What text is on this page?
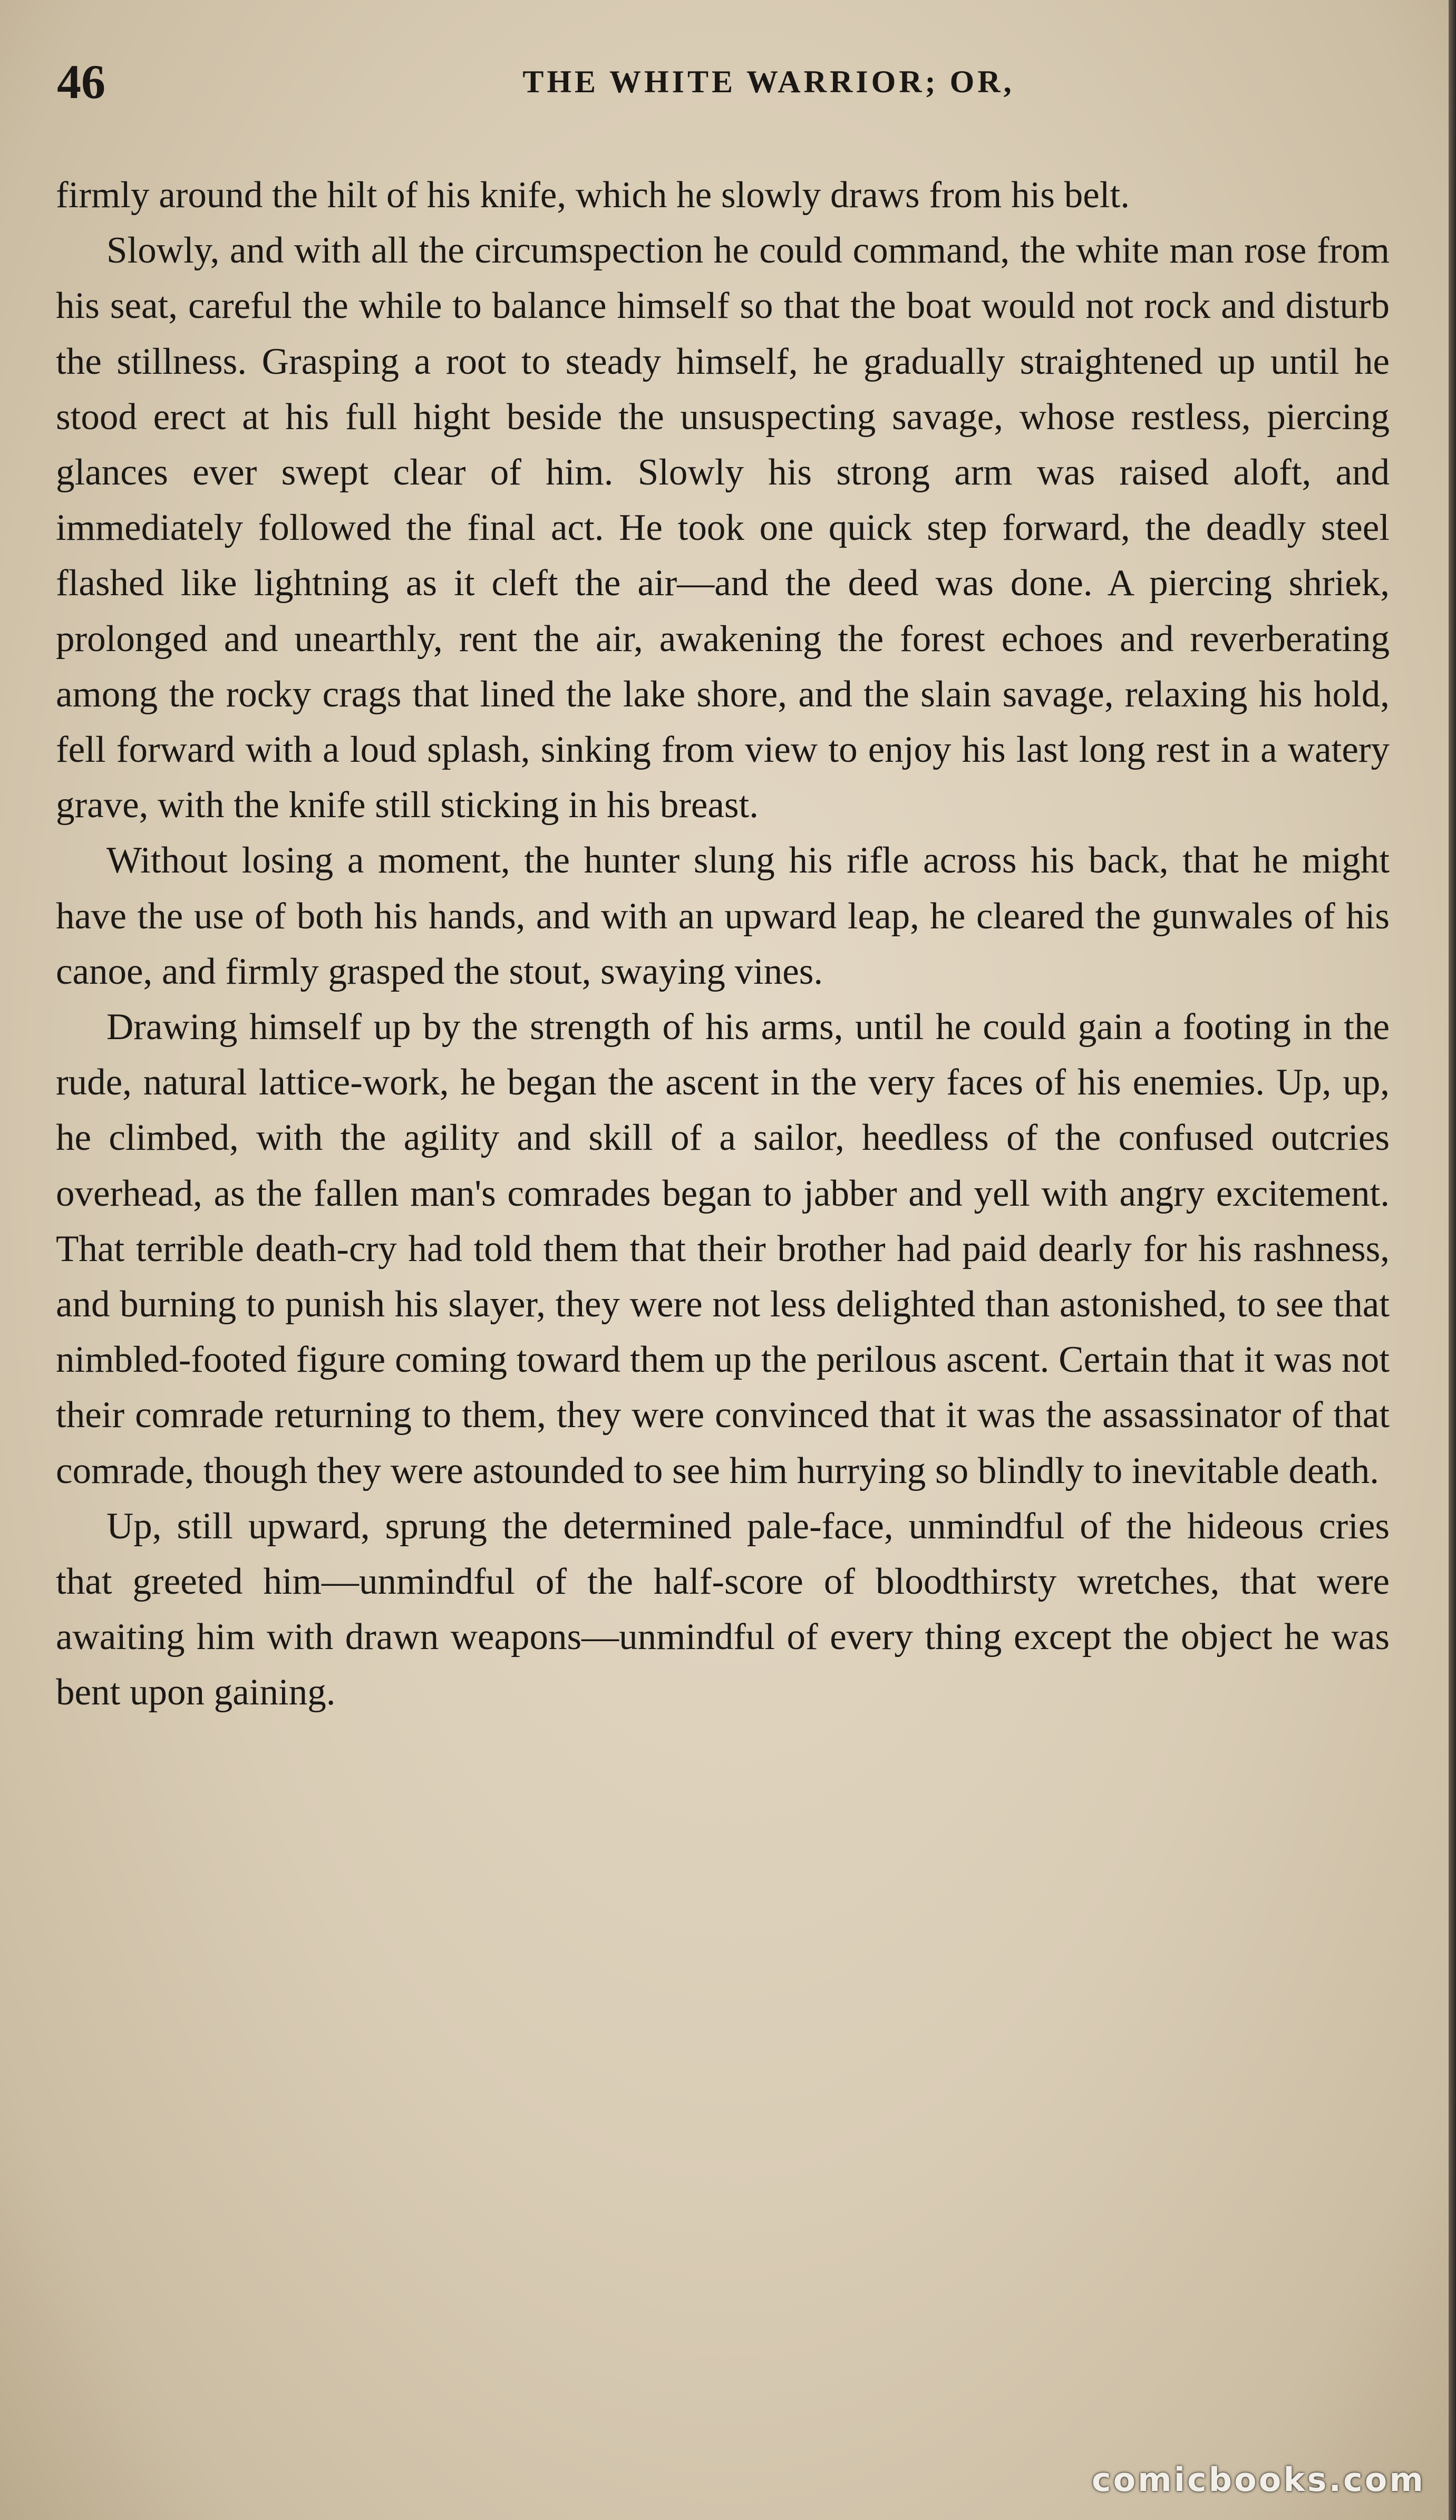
46	THE WHITE WARRIOR; OR,

firmly around the hilt of his knife, which he slowly draws from his belt.

Slowly, and with all the circumspection he could command, the white man rose from his seat, careful the while to balance himself so that the boat would not rock and disturb the stillness. Grasping a root to steady himself, he gradually straightened up until he stood erect at his full hight beside the unsuspecting savage, whose restless, piercing glances ever swept clear of him. Slowly his strong arm was raised aloft, and immediately followed the final act. He took one quick step forward, the deadly steel flashed like lightning as it cleft the air—and the deed was done. A piercing shriek, prolonged and unearthly, rent the air, awakening the forest echoes and reverberating among the rocky crags that lined the lake shore, and the slain savage, relaxing his hold, fell forward with a loud splash, sinking from view to enjoy his last long rest in a watery grave, with the knife still sticking in his breast.

Without losing a moment, the hunter slung his rifle across his back, that he might have the use of both his hands, and with an upward leap, he cleared the gunwales of his canoe, and firmly grasped the stout, swaying vines.

Drawing himself up by the strength of his arms, until he could gain a footing in the rude, natural lattice-work, he began the ascent in the very faces of his enemies. Up, up, he climbed, with the agility and skill of a sailor, heedless of the confused outcries overhead, as the fallen man's comrades began to jabber and yell with angry excitement. That terrible death-cry had told them that their brother had paid dearly for his rashness, and burning to punish his slayer, they were not less delighted than astonished, to see that nimbled-footed figure coming toward them up the perilous ascent. Certain that it was not their comrade returning to them, they were convinced that it was the assassinator of that comrade, though they were astounded to see him hurrying so blindly to inevitable death.

Up, still upward, sprung the determined pale-face, unmindful of the hideous cries that greeted him—unmindful of the half-score of bloodthirsty wretches, that were awaiting him with drawn weapons—unmindful of every thing except the object he was bent upon gaining.

comicbooks.com
